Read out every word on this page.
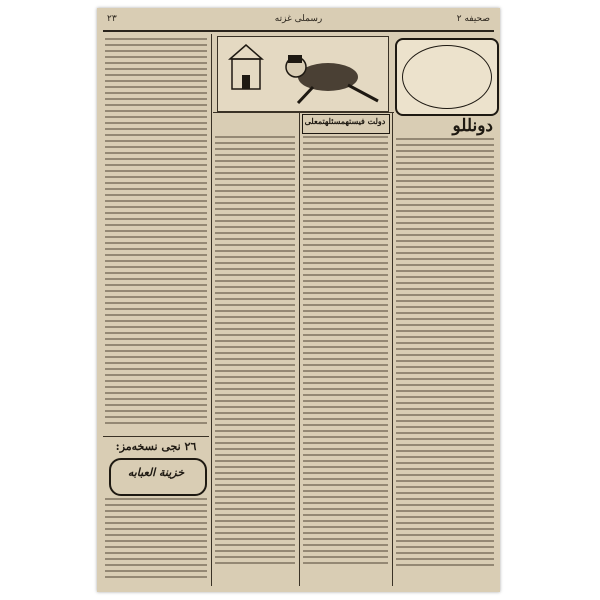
٢٣	رسملى غزته	صحيفه ٢
دونللو
دولت فيستهمسئلهتمعلى
٢٦ نجى نسخه‌مز:
خزينة العبابه
